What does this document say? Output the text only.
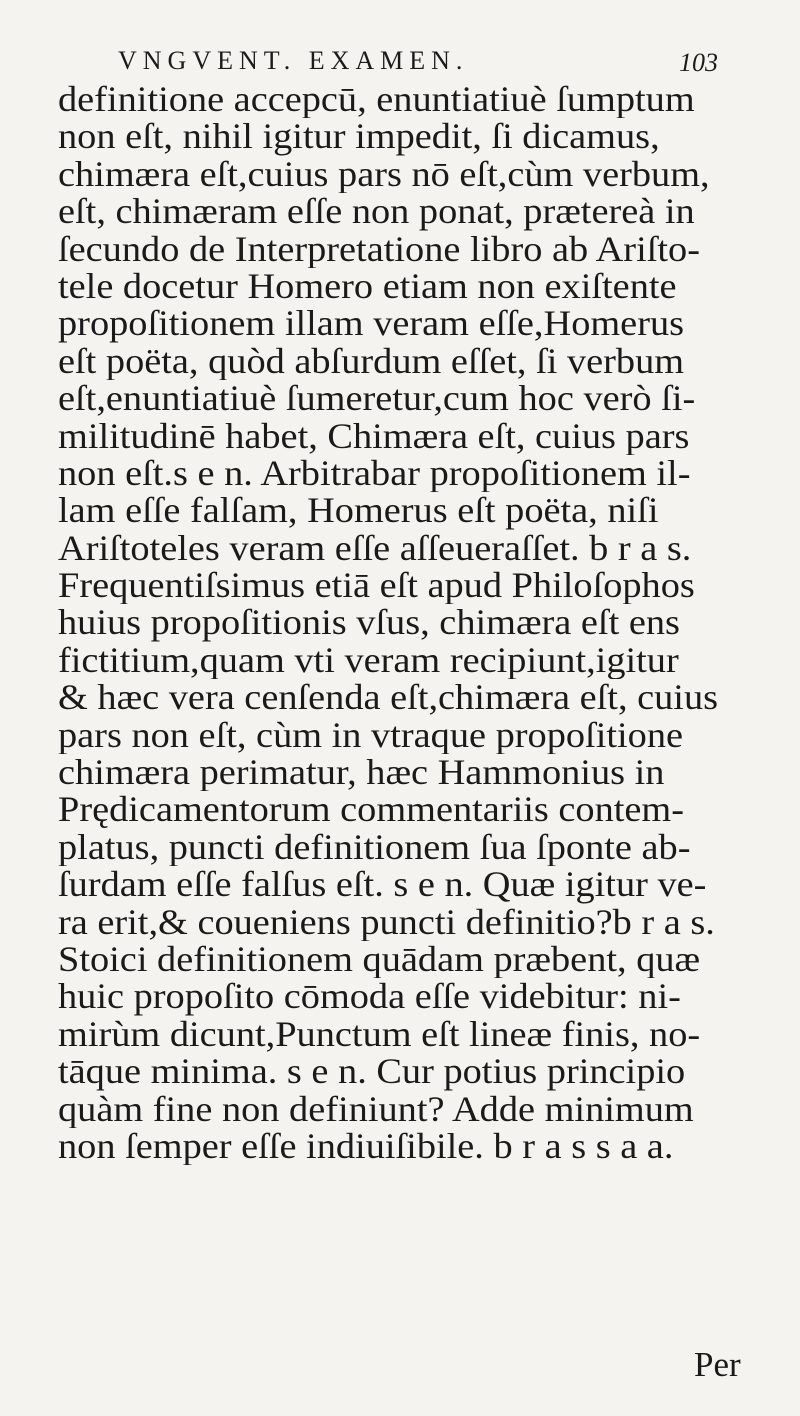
VNGVENT. EXAMEN.	103
definitione accepcū, enuntiatiuè ſumptum
non eſt, nihil igitur impedit, ſi dicamus,
chimæra eſt,cuius pars nō eſt,cùm verbum,
eſt, chimæram eſſe non ponat, prætereà in
ſecundo de Interpretatione libro ab Ariſto-
tele docetur Homero etiam non exiſtente
propoſitionem illam veram eſſe,Homerus
eſt poëta, quòd abſurdum eſſet, ſi verbum
eſt,enuntiatiuè ſumeretur,cum hoc verò ſi-
militudinē habet, Chimæra eſt, cuius pars
non eſt.s e n. Arbitrabar propoſitionem il-
lam eſſe falſam, Homerus eſt poëta, niſi
Ariſtoteles veram eſſe aſſeueraſſet. b r a s.
Frequentiſsimus etiā eſt apud Philoſophos
huius propoſitionis vſus, chimæra eſt ens
fictitium,quam vti veram recipiunt,igitur
& hæc vera cenſenda eſt,chimæra eſt, cuius
pars non eſt, cùm in vtraque propoſitione
chimæra perimatur, hæc Hammonius in
Prędicamentorum commentariis contem-
platus, puncti definitionem ſua ſponte ab-
ſurdam eſſe falſus eſt. s e n. Quæ igitur ve-
ra erit,& coueniens puncti definitio?b r a s.
Stoici definitionem quādam præbent, quæ
huic propoſito cōmoda eſſe videbitur: ni-
mirùm dicunt,Punctum eſt lineæ finis, no-
tāque minima. s e n. Cur potius principio
quàm fine non definiunt? Adde minimum
non ſemper eſſe indiuiſibile. b r a s s a a.
Per
